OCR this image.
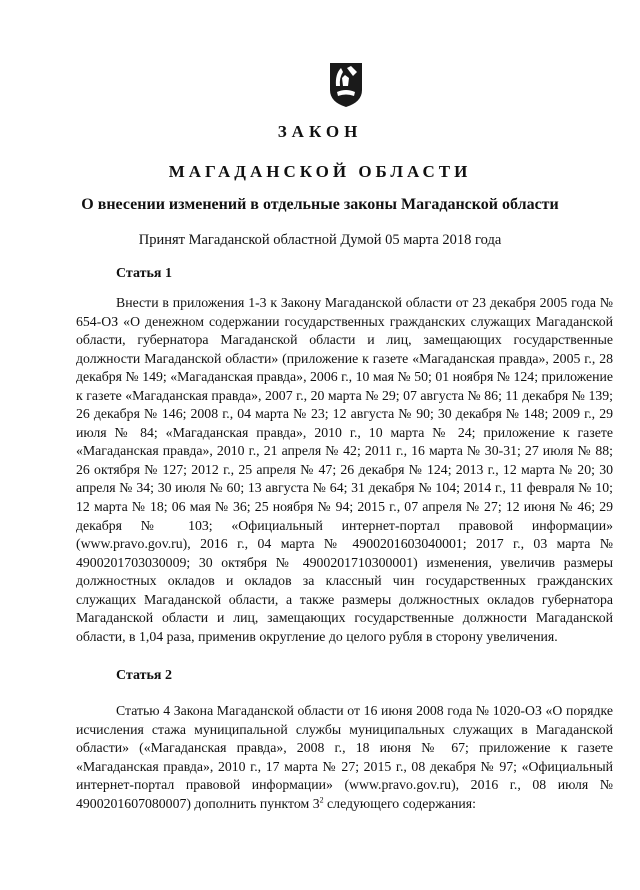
ЗАКОН
МАГАДАНСКОЙ ОБЛАСТИ
О внесении изменений в отдельные законы Магаданской области
Принят Магаданской областной Думой 05 марта 2018 года
Статья 1
Внести в приложения 1-3 к Закону Магаданской области от 23 декабря 2005 года № 654-ОЗ «О денежном содержании государственных гражданских служащих Магаданской области, губернатора Магаданской области и лиц, замещающих государственные должности Магаданской области» (приложение к газете «Магаданская правда», 2005 г., 28 декабря № 149; «Магаданская правда», 2006 г., 10 мая № 50; 01 ноября № 124; приложение к газете «Магаданская правда», 2007 г., 20 марта № 29; 07 августа № 86; 11 декабря № 139; 26 декабря № 146; 2008 г., 04 марта № 23; 12 августа № 90; 30 декабря № 148; 2009 г., 29 июля № 84; «Магаданская правда», 2010 г., 10 марта № 24; приложение к газете «Магаданская правда», 2010 г., 21 апреля № 42; 2011 г., 16 марта № 30-31; 27 июля № 88; 26 октября № 127; 2012 г., 25 апреля № 47; 26 декабря № 124; 2013 г., 12 марта № 20; 30 апреля № 34; 30 июля № 60; 13 августа № 64; 31 декабря № 104; 2014 г., 11 февраля № 10; 12 марта № 18; 06 мая № 36; 25 ноября № 94; 2015 г., 07 апреля № 27; 12 июня № 46; 29 декабря № 103; «Официальный интернет-портал правовой информации» (www.pravo.gov.ru), 2016 г., 04 марта № 4900201603040001; 2017 г., 03 марта № 4900201703030009; 30 октября № 4900201710300001) изменения, увеличив размеры должностных окладов и окладов за классный чин государственных гражданских служащих Магаданской области, а также размеры должностных окладов губернатора Магаданской области и лиц, замещающих государственные должности Магаданской области, в 1,04 раза, применив округление до целого рубля в сторону увеличения.
Статья 2
Статью 4 Закона Магаданской области от 16 июня 2008 года № 1020-ОЗ «О порядке исчисления стажа муниципальной службы муниципальных служащих в Магаданской области» («Магаданская правда», 2008 г., 18 июня № 67; приложение к газете «Магаданская правда», 2010 г., 17 марта № 27; 2015 г., 08 декабря № 97; «Официальный интернет-портал правовой информации» (www.pravo.gov.ru), 2016 г., 08 июля № 4900201607080007) дополнить пунктом $3^2$ следующего содержания:
